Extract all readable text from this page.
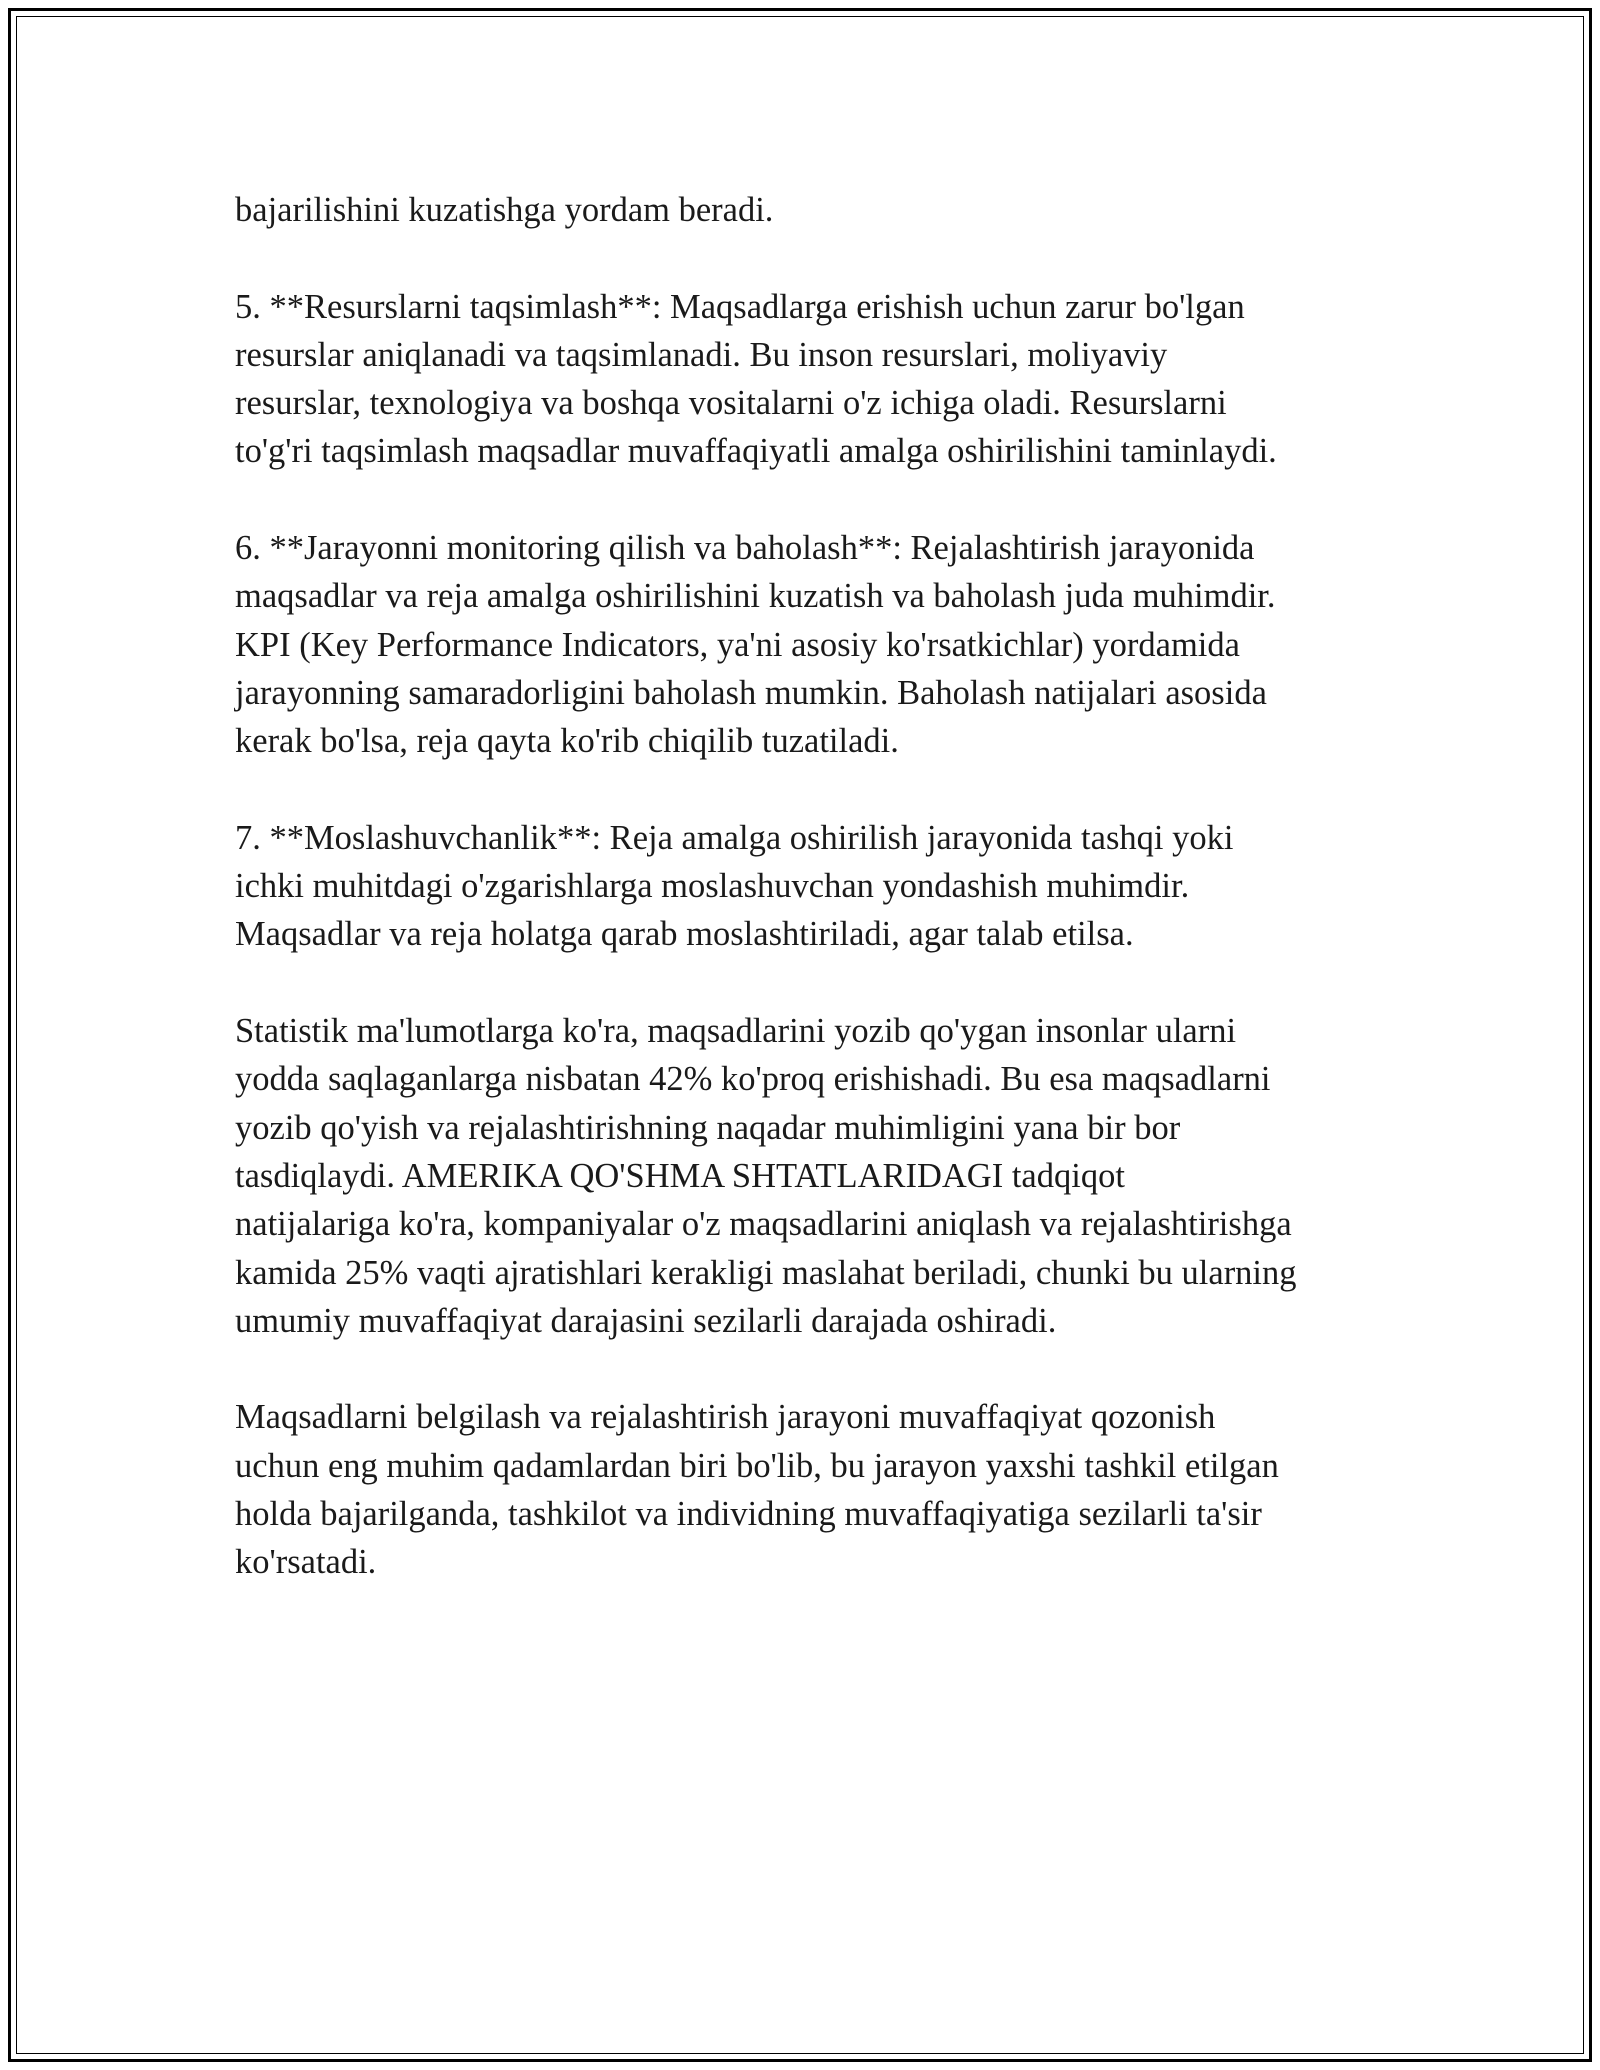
bajarilishini kuzatishga yordam beradi.

5. **Resurslarni taqsimlash**: Maqsadlarga erishish uchun zarur bo'lgan
resurslar aniqlanadi va taqsimlanadi. Bu inson resurslari, moliyaviy
resurslar, texnologiya va boshqa vositalarni o'z ichiga oladi. Resurslarni
to'g'ri taqsimlash maqsadlar muvaffaqiyatli amalga oshirilishini taminlaydi.

6. **Jarayonni monitoring qilish va baholash**: Rejalashtirish jarayonida
maqsadlar va reja amalga oshirilishini kuzatish va baholash juda muhimdir.
KPI (Key Performance Indicators, ya'ni asosiy ko'rsatkichlar) yordamida
jarayonning samaradorligini baholash mumkin. Baholash natijalari asosida
kerak bo'lsa, reja qayta ko'rib chiqilib tuzatiladi.

7. **Moslashuvchanlik**: Reja amalga oshirilish jarayonida tashqi yoki
ichki muhitdagi o'zgarishlarga moslashuvchan yondashish muhimdir.
Maqsadlar va reja holatga qarab moslashtiriladi, agar talab etilsa.

Statistik ma'lumotlarga ko'ra, maqsadlarini yozib qo'ygan insonlar ularni
yodda saqlaganlarga nisbatan 42% ko'proq erishishadi. Bu esa maqsadlarni
yozib qo'yish va rejalashtirishning naqadar muhimligini yana bir bor
tasdiqlaydi. AMERIKA QO'SHMA SHTATLARIDAGI tadqiqot
natijalariga ko'ra, kompaniyalar o'z maqsadlarini aniqlash va rejalashtirishga
kamida 25% vaqti ajratishlari kerakligi maslahat beriladi, chunki bu ularning
umumiy muvaffaqiyat darajasini sezilarli darajada oshiradi.

Maqsadlarni belgilash va rejalashtirish jarayoni muvaffaqiyat qozonish
uchun eng muhim qadamlardan biri bo'lib, bu jarayon yaxshi tashkil etilgan
holda bajarilganda, tashkilot va individning muvaffaqiyatiga sezilarli ta'sir
ko'rsatadi.
